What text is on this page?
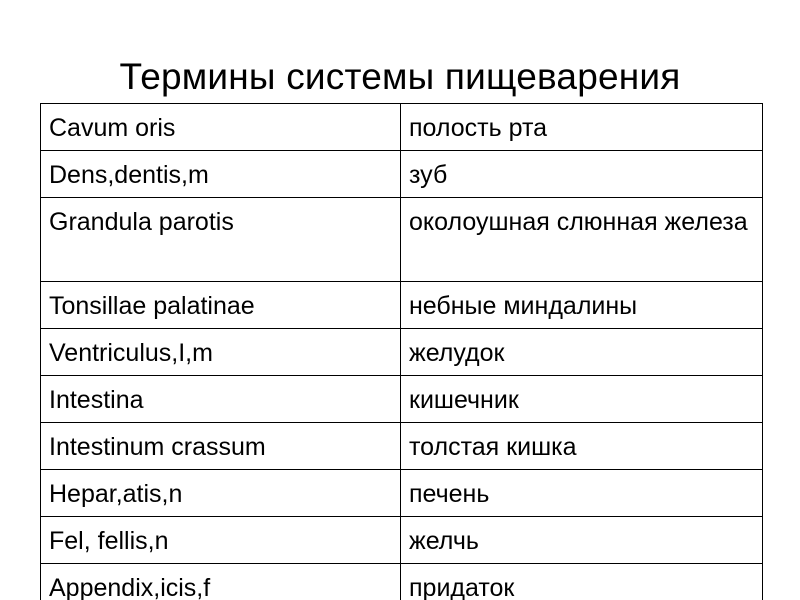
Термины системы пищеварения
Cavum oris	полость рта
Dens,dentis,m	зуб
Grandula parotis	околоушная слюнная железа
Tonsillae palatinae	небные миндалины
Ventriculus,I,m	желудок
Intestina	кишечник
Intestinum crassum	толстая кишка
Hepar,atis,n	печень
Fel, fellis,n	желчь
Appendix,icis,f	придаток
